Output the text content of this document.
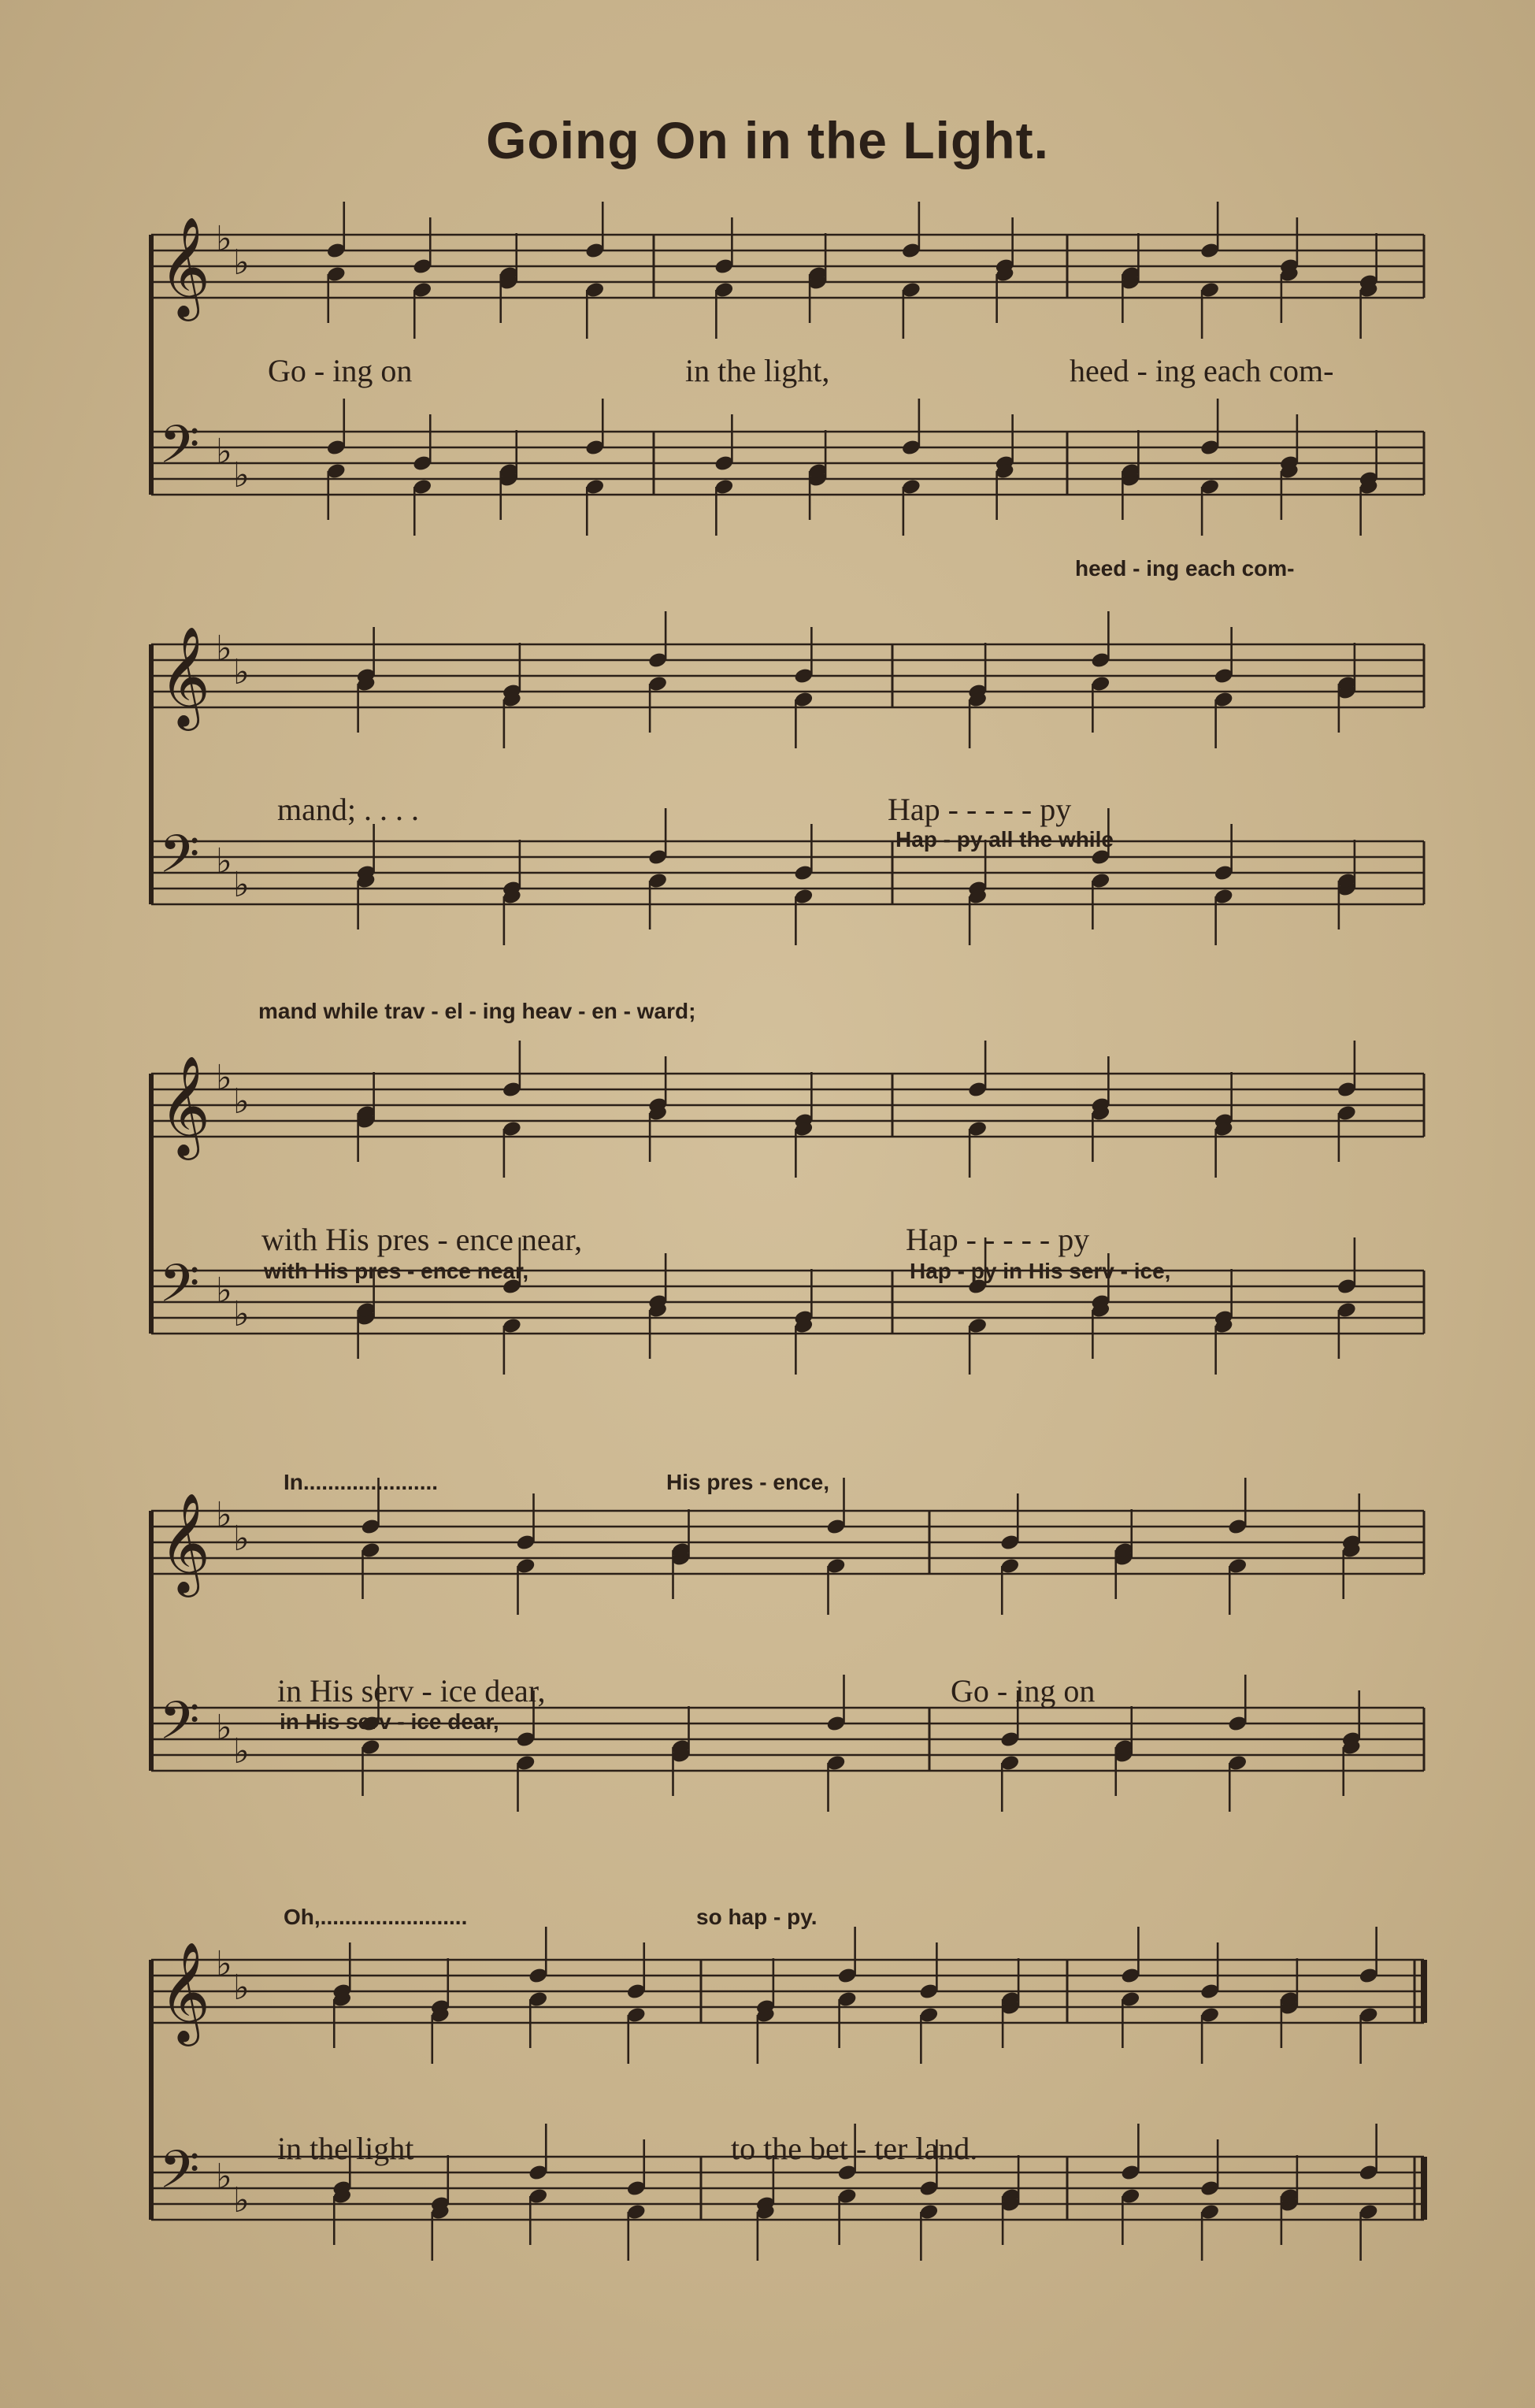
Going On in the Light.
𝄞 ♭
♭
𝄢 ♭
♭
Go - ing on	in the light,	heed - ing each com-
heed - ing each com-
𝄞 ♭
♭
𝄢 ♭
♭
mand; . . . .	Hap - - - - - py
Hap - py all the while
mand while trav - el - ing heav - en - ward;
𝄞 ♭
♭
𝄢 ♭
♭
with His pres - ence near,
with His pres - ence near,
Hap - - - - - py
Hap - py in His serv - ice,
In......................	His pres - ence,
𝄞 ♭
♭
𝄢 ♭
♭
in His serv - ice dear,
in His serv - ice dear,
Go - ing on
Oh,........................	so hap - py.
𝄞 ♭
♭
𝄢 ♭
♭
in the light	to the bet - ter land.
